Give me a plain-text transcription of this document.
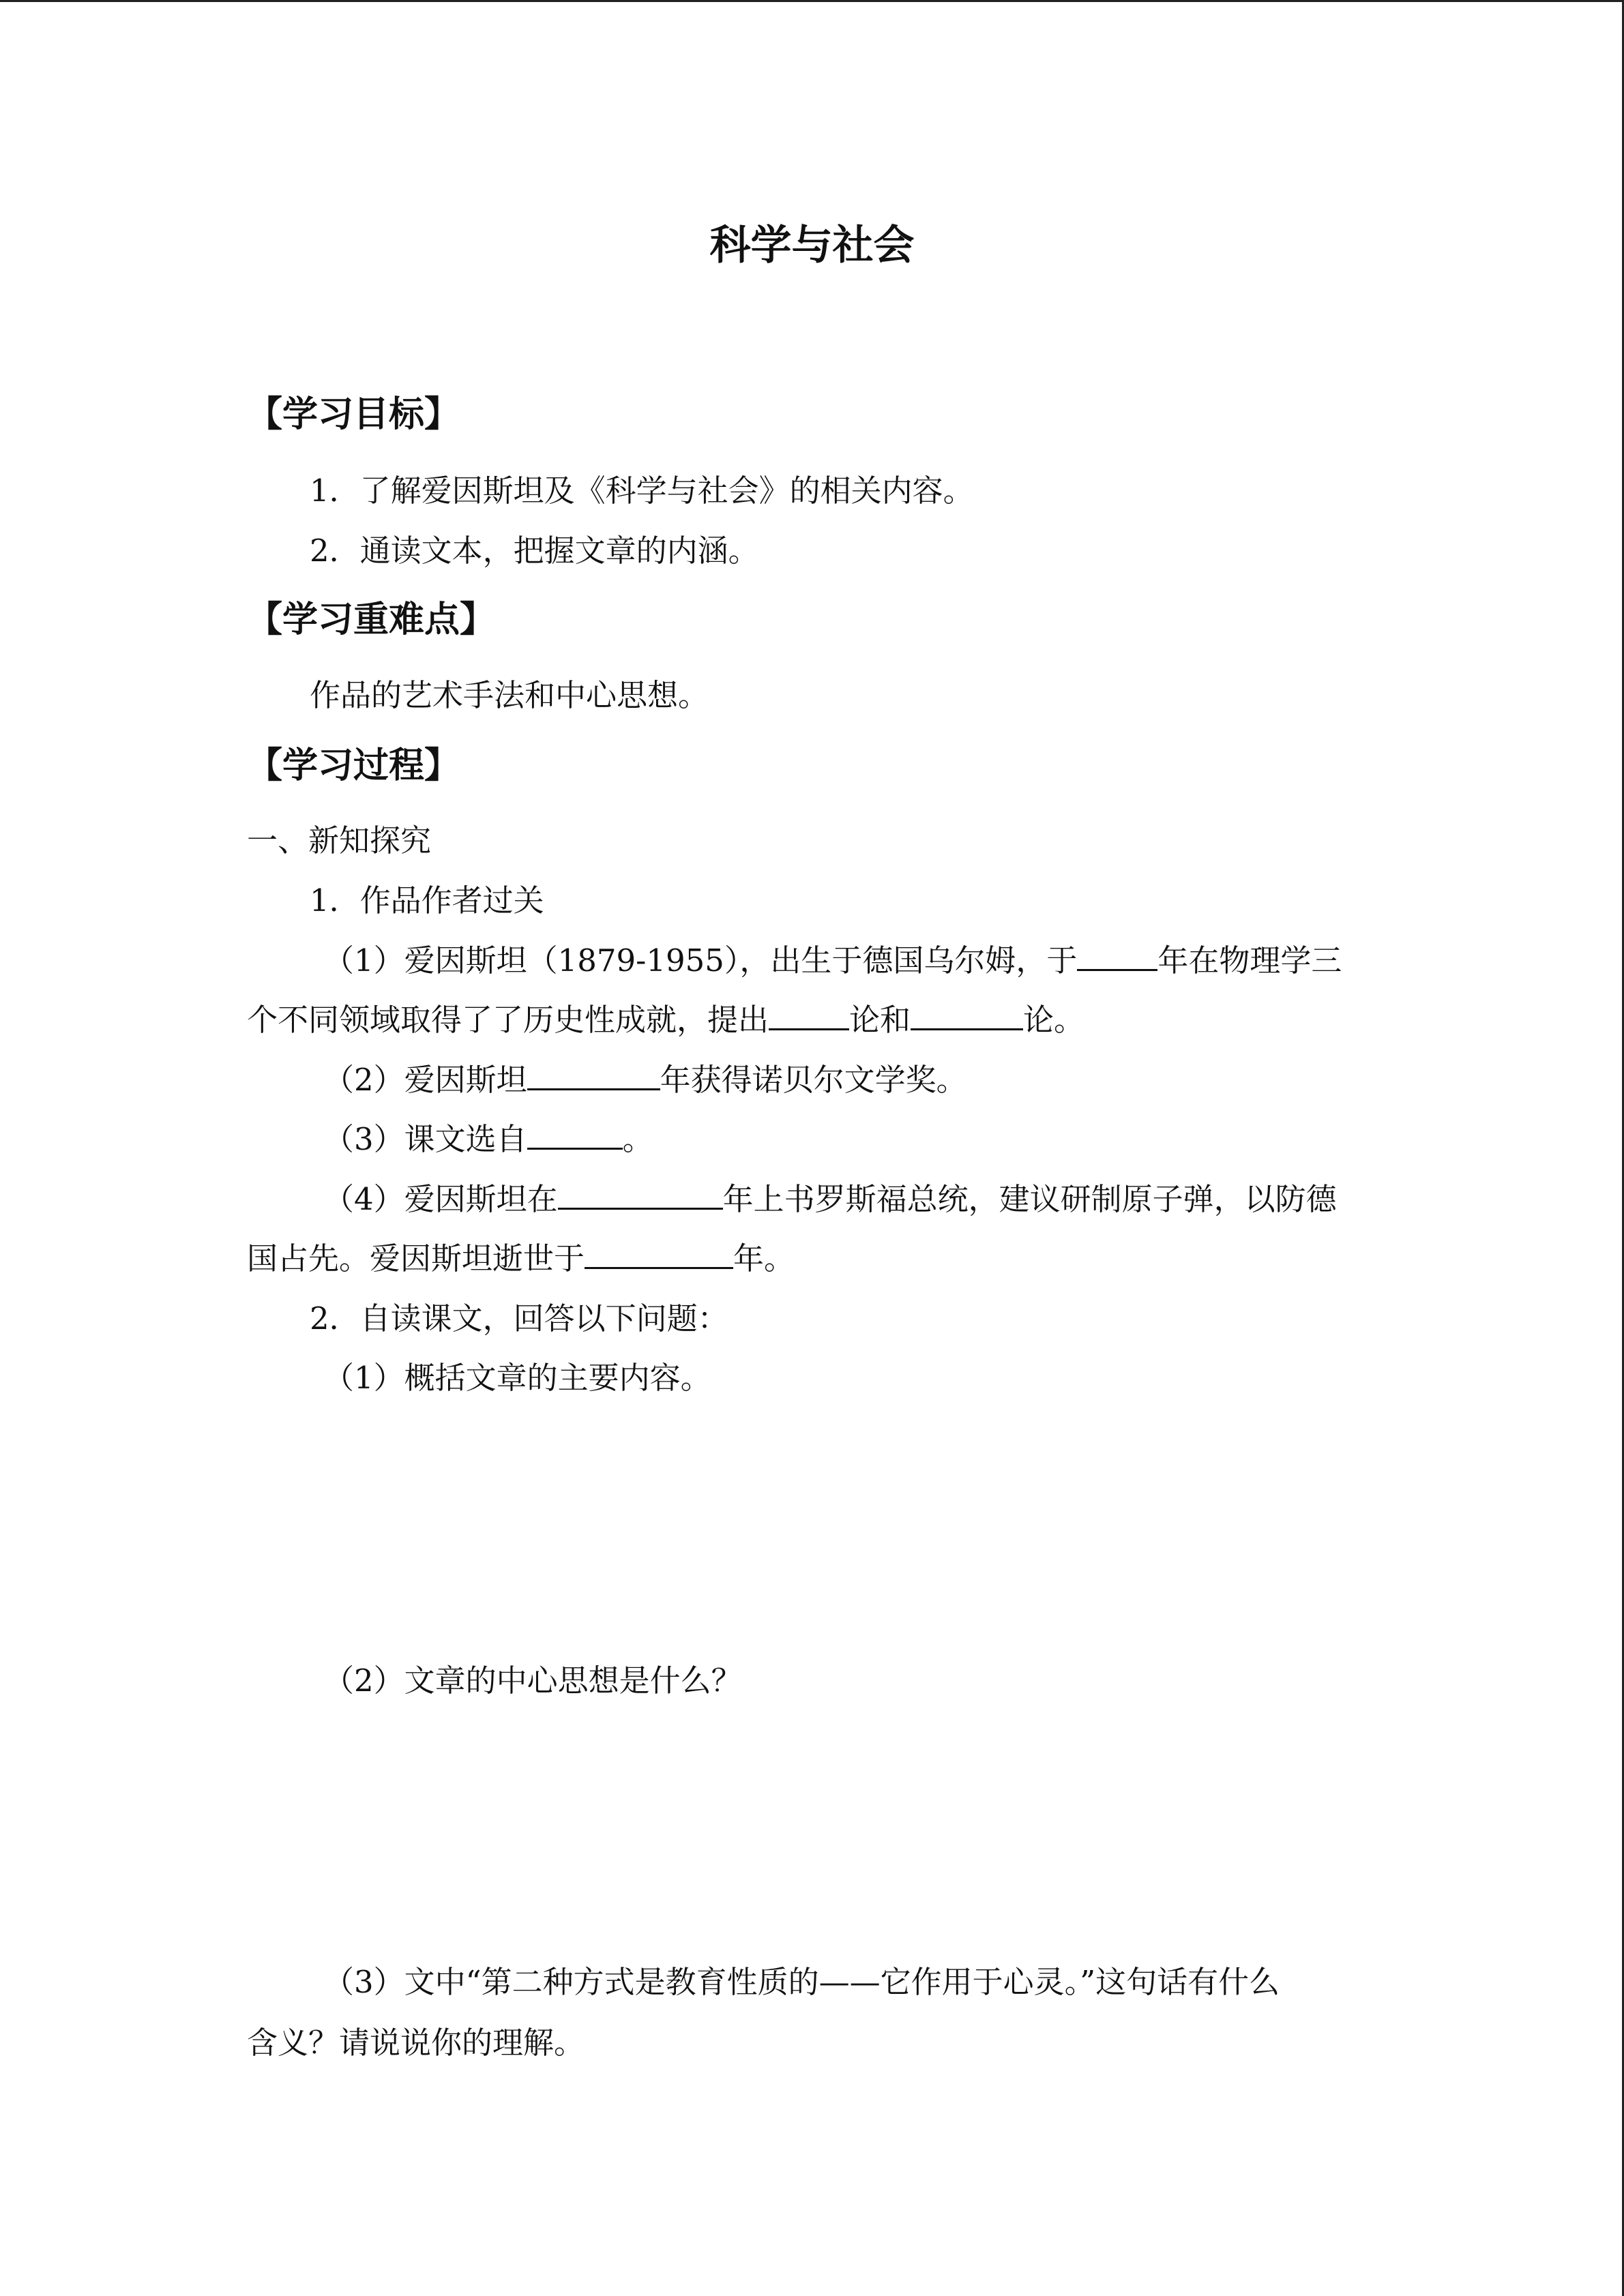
科学与社会
【学习目标】
1．了解爱因斯坦及《科学与社会》的相关内容。
2．通读文本，把握文章的内涵。
【学习重难点】
作品的艺术手法和中心思想。
【学习过程】
一、新知探究
1．作品作者过关
（1）爱因斯坦（1879-1955），出生于德国乌尔姆，于	年在物理学三
个不同领域取得了了历史性成就，提出	论和	论。
（2）爱因斯坦	年获得诺贝尔文学奖。
（3）课文选自	。
（4）爱因斯坦在	年上书罗斯福总统，建议研制原子弹，以防德
国占先。爱因斯坦逝世于	年。
2．自读课文，回答以下问题：
（1）概括文章的主要内容。
（2）文章的中心思想是什么？
（3）文中“第二种方式是教育性质的——它作用于心灵。”这句话有什么
含义？请说说你的理解。
